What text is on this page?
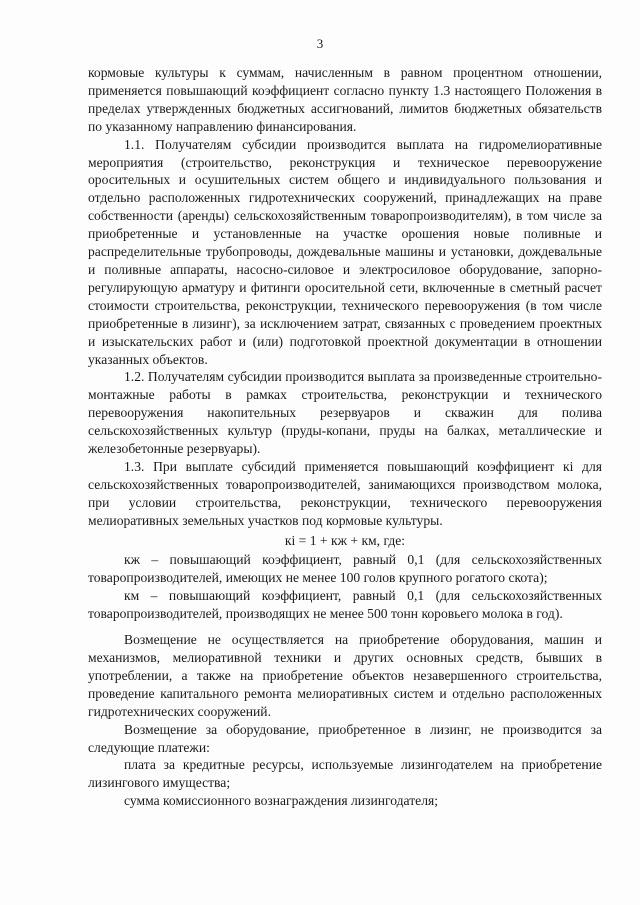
3

кормовые культуры к суммам, начисленным в равном процентном отношении, применяется повышающий коэффициент согласно пункту 1.3 настоящего Положения в пределах утвержденных бюджетных ассигнований, лимитов бюджетных обязательств по указанному направлению финансирования.

1.1. Получателям субсидии производится выплата на гидромелиоративные мероприятия (строительство, реконструкция и техническое перевооружение оросительных и осушительных систем общего и индивидуального пользования и отдельно расположенных гидротехнических сооружений, принадлежащих на праве собственности (аренды) сельскохозяйственным товаропроизводителям), в том числе за приобретенные и установленные на участке орошения новые поливные и распределительные трубопроводы, дождевальные машины и установки, дождевальные и поливные аппараты, насосно-силовое и электросиловое оборудование, запорно-регулирующую арматуру и фитинги оросительной сети, включенные в сметный расчет стоимости строительства, реконструкции, технического перевооружения (в том числе приобретенные в лизинг), за исключением затрат, связанных с проведением проектных и изыскательских работ и (или) подготовкой проектной документации в отношении указанных объектов.

1.2. Получателям субсидии производится выплата за произведенные строительно-монтажные работы в рамках строительства, реконструкции и технического перевооружения накопительных резервуаров и скважин для полива сельскохозяйственных культур (пруды-копани, пруды на балках, металлические и железобетонные резервуары).

1.3. При выплате субсидий применяется повышающий коэффициент кi для сельскохозяйственных товаропроизводителей, занимающихся производством молока, при условии строительства, реконструкции, технического перевооружения мелиоративных земельных участков под кормовые культуры.

кi = 1 + кж + км, где:

кж – повышающий коэффициент, равный 0,1 (для сельскохозяйственных товаропроизводителей, имеющих не менее 100 голов крупного рогатого скота);

км – повышающий коэффициент, равный 0,1 (для сельскохозяйственных товаропроизводителей, производящих не менее 500 тонн коровьего молока в год).

Возмещение не осуществляется на приобретение оборудования, машин и механизмов, мелиоративной техники и других основных средств, бывших в употреблении, а также на приобретение объектов незавершенного строительства, проведение капитального ремонта мелиоративных систем и отдельно расположенных гидротехнических сооружений.

Возмещение за оборудование, приобретенное в лизинг, не производится за следующие платежи:

плата за кредитные ресурсы, используемые лизингодателем на приобретение лизингового имущества;

сумма комиссионного вознаграждения лизингодателя;
